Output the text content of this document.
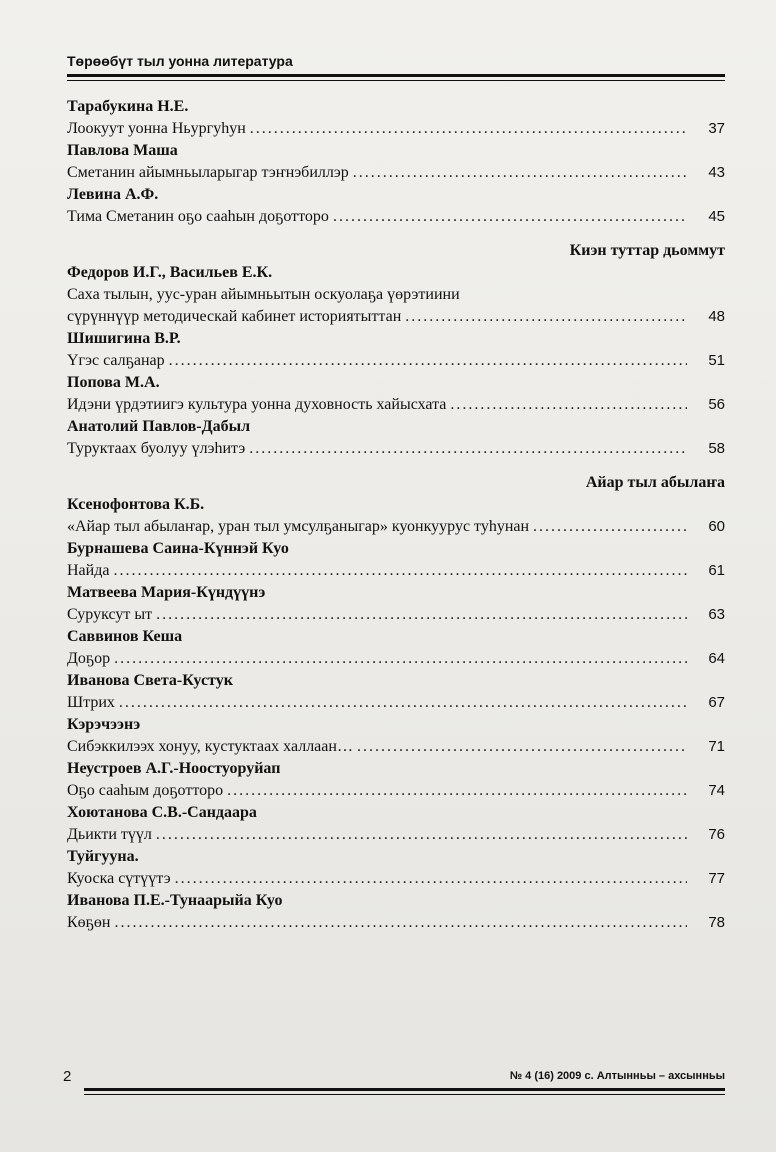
Төрөөбүт тыл уонна литература
Тарабукина Н.Е.
Лоокуут уонна Ньургуһун . . .	37
Павлова Маша
Сметанин айымньыларыгар тэҥнэбиллэр . . .	43
Левина А.Ф.
Тима Сметанин оҕо сааһын доҕотторо . . .	45
Киэн туттар дьоммут
Федоров И.Г., Васильев Е.К.
Саха тылын, уус-уран айымньытын оскуолаҕа үөрэтиини
сүрүннүүр методическай кабинет историятыттан . . .	48
Шишигина В.Р.
Үгэс салҕанар . . .	51
Попова М.А.
Идэни үрдэтиигэ культура уонна духовность хайысхата . . .	56
Анатолий Павлов-Дабыл
Туруктаах буолуу үлэһитэ . . .	58
Айар тыл абылаҥа
Ксенофонтова К.Б.
«Айар тыл абылаҥар, уран тыл умсулҕаныгар» куонкуурус туһунан . . .	60
Бурнашева Саина-Күннэй Куо
Найда . . .	61
Матвеева Мария-Күндүүнэ
Суруксут ыт . . .	63
Саввинов Кеша
Доҕор . . .	64
Иванова Света-Кустук
Штрих . . .	67
Кэрэчээнэ
Сибэккилээх хонуу, кустуктаах халлаан… . . .	71
Неустроев А.Г.-Ноостуоруйап
Оҕо сааһым доҕотторо . . .	74
Хоютанова С.В.-Сандаара
Дьикти түүл . . .	76
Туйгууна.
Куоска сүтүүтэ . . .	77
Иванова П.Е.-Тунаарыйа Куо
Көҕөн . . .	78
2	№ 4 (16) 2009 с. Алтынньы – ахсынньы
